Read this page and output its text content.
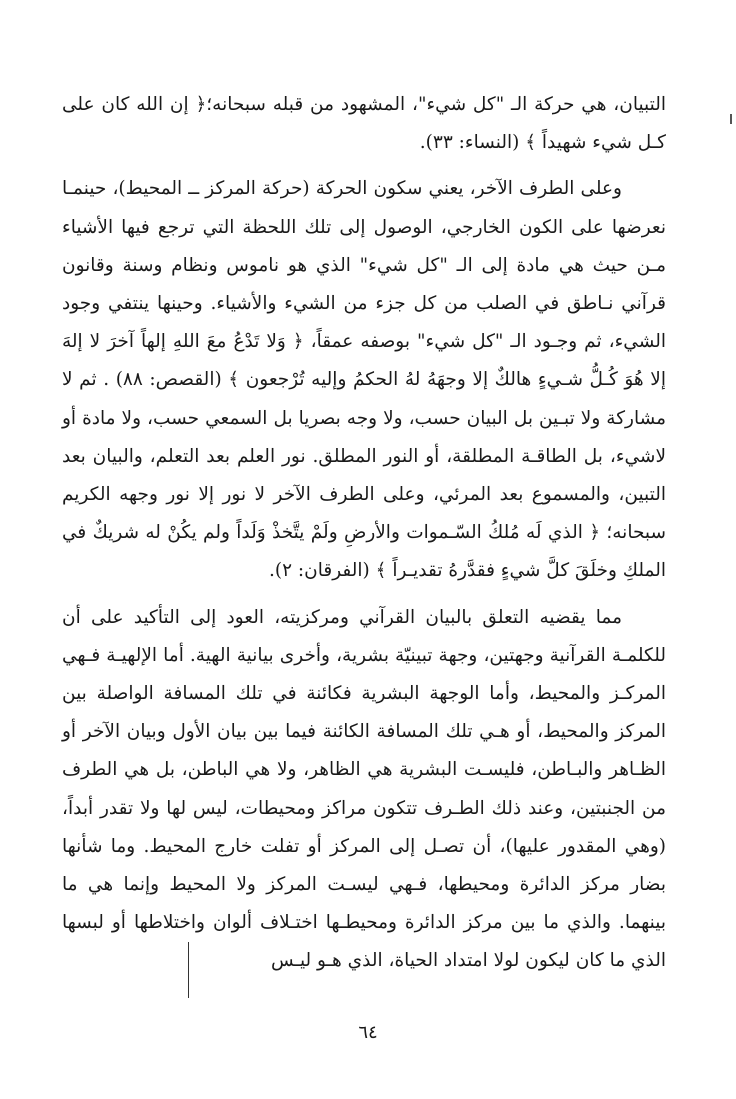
التبيان، هي حركة الـ "كل شيء"، المشهود من قبله سبحانه؛﴿ إن الله كان على كـل شيء شهيداً ﴾ (النساء: ٣٣).

وعلى الطرف الآخر، يعني سكون الحركة (حركة المركز ــ المحيط)، حينمـا نعرضها على الكون الخارجي، الوصول إلى تلك اللحظة التي ترجع فيها الأشياء مـن حيث هي مادة إلى الـ "كل شيء" الذي هو ناموس ونظام وسنة وقانون قرآني نـاطق في الصلب من كل جزء من الشيء والأشياء. وحينها ينتفي وجود الشيء، ثم وجـود الـ "كل شيء" بوصفه عمقاً، ﴿ وَلا تَدْعُ معَ اللهِ إلهاً آخرَ لا إلهَ إلا هُوَ كُـلُّ شـيءٍ هالكٌ إلا وجهَهُ لهُ الحكمُ وإليه تُرْجعون ﴾ (القصص: ٨٨) . ثم لا مشاركة ولا تبـين بل البيان حسب، ولا وجه بصريا بل السمعي حسب، ولا مادة أو لاشيء، بل الطاقـة المطلقة، أو النور المطلق. نور العلم بعد التعلم، والبيان بعد التبين، والمسموع بعد المرئي، وعلى الطرف الآخر لا نور إلا نور وجهه الكريم سبحانه؛ ﴿ الذي لَه مُلكُ السّـموات والأرضِ ولَمْ يتَّخذْ وَلَداً ولم يكُنْ له شريكٌ في الملكِ وخلَقَ كلَّ شيءٍ فقدَّرهُ تقديـراً ﴾ (الفرقان: ٢).

مما يقضيه التعلق بالبيان القرآني ومركزيته، العود إلى التأكيد على أن للكلمـة القرآنية وجهتين، وجهة تبينيّة بشرية، وأخرى بيانية الهية. أما الإلهيـة فـهي المركـز والمحيط، وأما الوجهة البشرية فكائنة في تلك المسافة الواصلة بين المركز والمحيط، أو هـي تلك المسافة الكائنة فيما بين بيان الأول وبيان الآخر أو الظـاهر والبـاطن، فليسـت البشرية هي الظاهر، ولا هي الباطن، بل هي الطرف من الجنبتين، وعند ذلك الطـرف تتكون مراكز ومحيطات، ليس لها ولا تقدر أبداً، (وهي المقدور عليها)، أن تصـل إلى المركز أو تفلت خارج المحيط. وما شأنها بضار مركز الدائرة ومحيطها، فـهي ليسـت المركز ولا المحيط وإنما هي ما بينهما. والذي ما بين مركز الدائرة ومحيطـها اختـلاف ألوان واختلاطها أو لبسها الذي ما كان ليكون لولا امتداد الحياة، الذي هـو ليـس

٦٤
